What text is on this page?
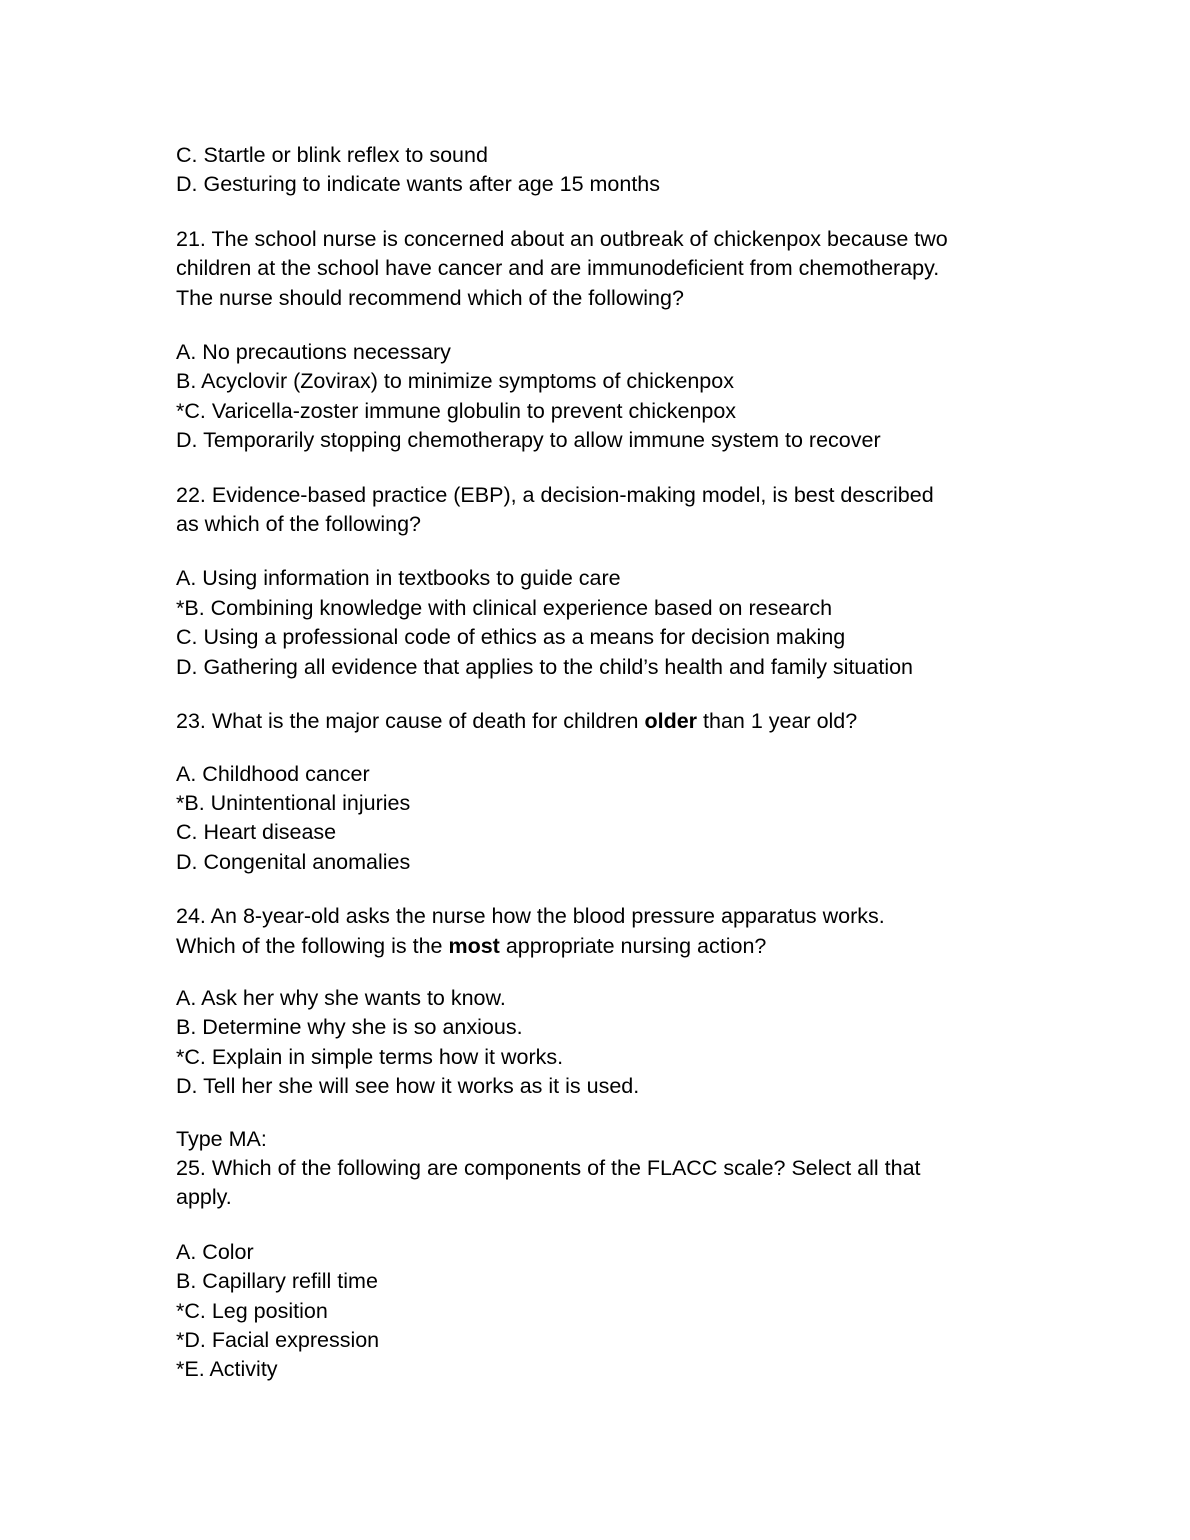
C. Startle or blink reflex to sound
D. Gesturing to indicate wants after age 15 months
21. The school nurse is concerned about an outbreak of chickenpox because two
children at the school have cancer and are immunodeficient from chemotherapy.
The nurse should recommend which of the following?
A. No precautions necessary
B. Acyclovir (Zovirax) to minimize symptoms of chickenpox
*C. Varicella-zoster immune globulin to prevent chickenpox
D. Temporarily stopping chemotherapy to allow immune system to recover
22. Evidence-based practice (EBP), a decision-making model, is best described
as which of the following?
A. Using information in textbooks to guide care
*B. Combining knowledge with clinical experience based on research
C. Using a professional code of ethics as a means for decision making
D. Gathering all evidence that applies to the child’s health and family situation
23. What is the major cause of death for children older than 1 year old?
A. Childhood cancer
*B. Unintentional injuries
C. Heart disease
D. Congenital anomalies
24. An 8-year-old asks the nurse how the blood pressure apparatus works.
Which of the following is the most appropriate nursing action?
A. Ask her why she wants to know.
B. Determine why she is so anxious.
*C. Explain in simple terms how it works.
D. Tell her she will see how it works as it is used.
Type MA:
25. Which of the following are components of the FLACC scale? Select all that
apply.
A. Color
B. Capillary refill time
*C. Leg position
*D. Facial expression
*E. Activity
